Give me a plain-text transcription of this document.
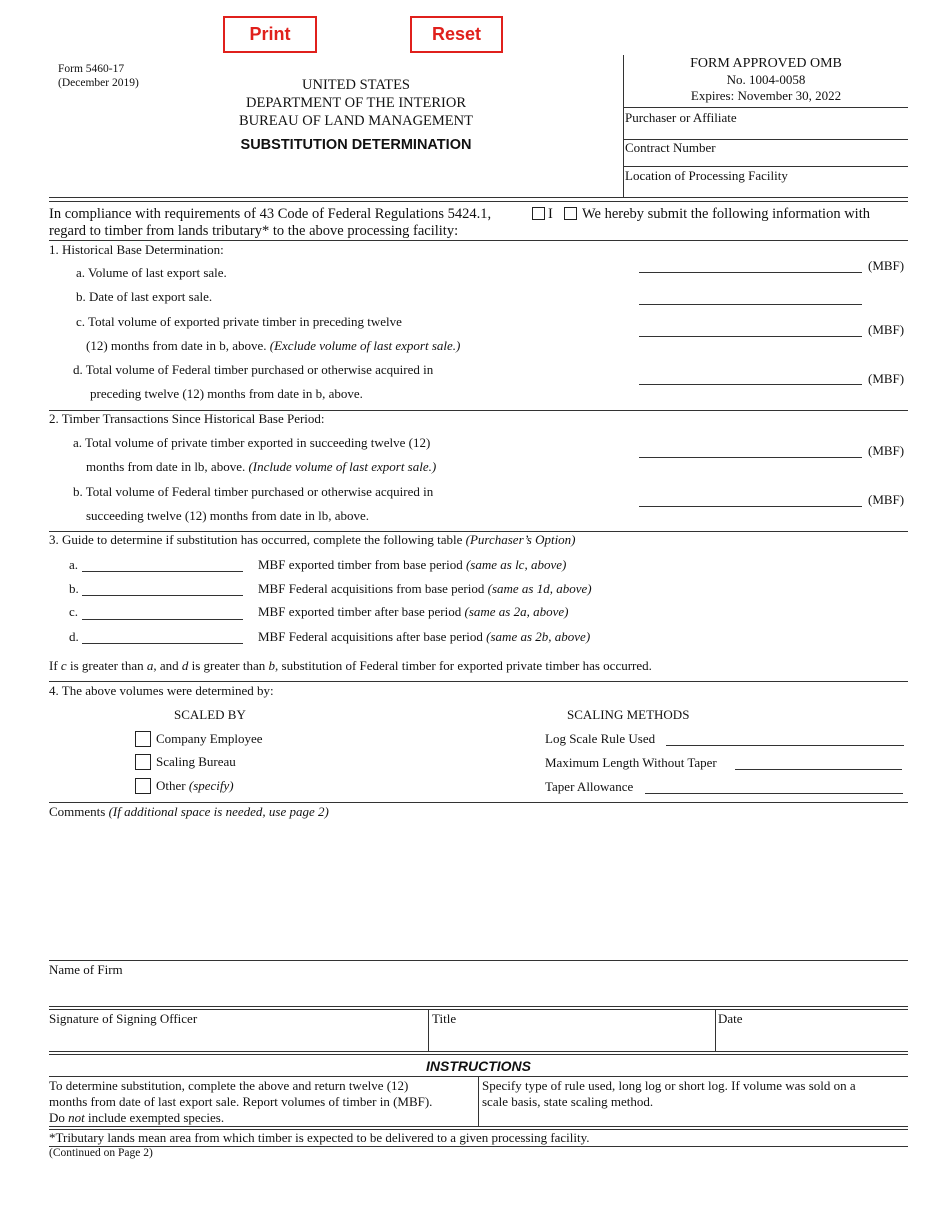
Print	Reset
Form 5460-17
(December 2019)	UNITED STATES
DEPARTMENT OF THE INTERIOR
BUREAU OF LAND MANAGEMENT
SUBSTITUTION DETERMINATION
FORM APPROVED OMB
No. 1004-0058
Expires: November 30, 2022
Purchaser or Affiliate
Contract Number
Location of Processing Facility
In compliance with requirements of 43 Code of Federal Regulations 5424.1,	I We hereby submit the following information with
regard to timber from lands tributary* to the above processing facility:
1. Historical Base Determination:
a. Volume of last export sale.	(MBF)
b. Date of last export sale.
c. Total volume of exported private timber in preceding twelve
(12) months from date in b, above. (Exclude volume of last export sale.)
(MBF)
d. Total volume of Federal timber purchased or otherwise acquired in
preceding twelve (12) months from date in b, above.
(MBF)
2. Timber Transactions Since Historical Base Period:
a. Total volume of private timber exported in succeeding twelve (12)
months from date in lb, above. (Include volume of last export sale.)
(MBF)
b. Total volume of Federal timber purchased or otherwise acquired in
succeeding twelve (12) months from date in lb, above.
(MBF)
3. Guide to determine if substitution has occurred, complete the following table (Purchaser’s Option)
a.	MBF exported timber from base period (same as lc, above)
b.	MBF Federal acquisitions from base period (same as 1d, above)
c.	MBF exported timber after base period (same as 2a, above)
d.	MBF Federal acquisitions after base period (same as 2b, above)
If c is greater than a, and d is greater than b, substitution of Federal timber for exported private timber has occurred.
4. The above volumes were determined by:
SCALED BY	SCALING METHODS
Company Employee
Scaling Bureau
Other (specify)
Log Scale Rule Used
Maximum Length Without Taper
Taper Allowance
Comments (If additional space is needed, use page 2)
Name of Firm
Signature of Signing Officer	Title	Date
INSTRUCTIONS
To determine substitution, complete the above and return twelve (12)
months from date of last export sale. Report volumes of timber in (MBF).
Do not include exempted species.
Specify type of rule used, long log or short log. If volume was sold on a
scale basis, state scaling method.
*Tributary lands mean area from which timber is expected to be delivered to a given processing facility.
(Continued on Page 2)
